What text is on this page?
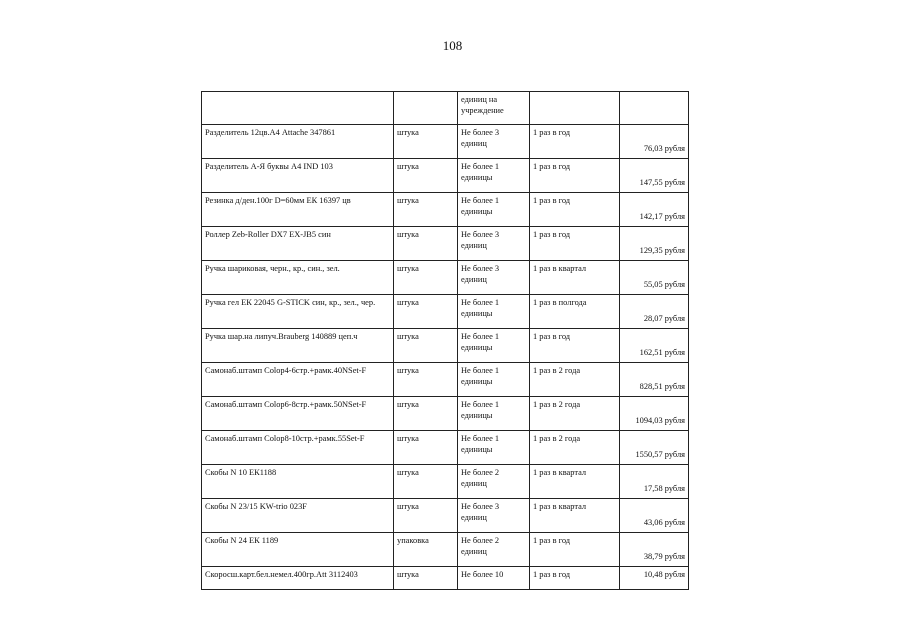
108
		единиц на учреждение		
Разделитель 12цв.А4 Attache 347861	штука	Не более 3 единиц	1 раз в год	76,03 рубля
Разделитель А-Я буквы А4 IND 103	штука	Не более 1 единицы	1 раз в год	147,55 рубля
Резинка д/ден.100г D=60мм ЕК 16397 цв	штука	Не более 1 единицы	1 раз в год	142,17 рубля
Роллер Zeb-Roller DX7 EX-JB5 син	штука	Не более 3 единиц	1 раз в год	129,35 рубля
Ручка шариковая, черн., кр., син., зел.	штука	Не более 3 единиц	1 раз в квартал	55,05 рубля
Ручка гел ЕК 22045 G-STICK син, кр., зел., чер.	штука	Не более 1 единицы	1 раз в полгода	28,07 рубля
Ручка шар.на липуч.Brauberg 140889 цеп.ч	штука	Не более 1 единицы	1 раз в год	162,51 рубля
Самонаб.штамп Colop4-6стр.+рамк.40NSet-F	штука	Не более 1 единицы	1 раз в 2 года	828,51 рубля
Самонаб.штамп Colop6-8стр.+рамк.50NSet-F	штука	Не более 1 единицы	1 раз в 2 года	1094,03 рубля
Самонаб.штамп Colop8-10стр.+рамк.55Set-F	штука	Не более 1 единицы	1 раз в 2 года	1550,57 рубля
Скобы N 10 ЕК1188	штука	Не более 2 единиц	1 раз в квартал	17,58 рубля
Скобы N 23/15 KW-trio 023F	штука	Не более 3 единиц	1 раз в квартал	43,06 рубля
Скобы N 24 ЕК 1189	упаковка	Не более 2 единиц	1 раз в год	38,79 рубля
Скоросш.карт.бел.немел.400гр.Att 3112403	штука	Не более 10	1 раз в год	10,48 рубля
